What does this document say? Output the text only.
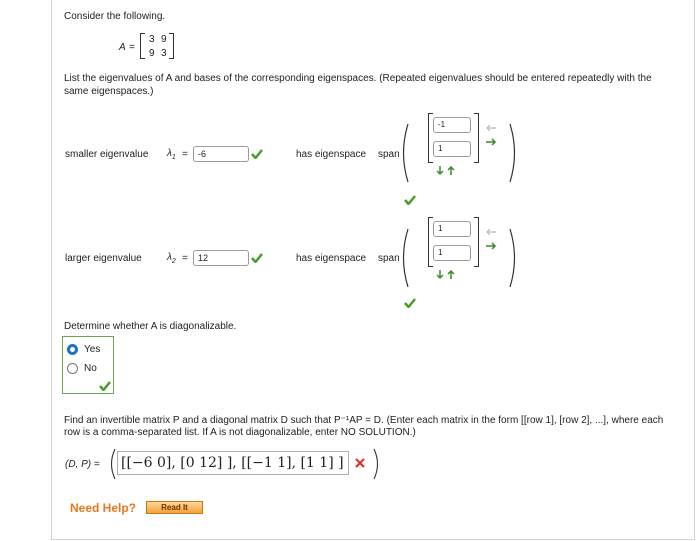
Consider the following.
A =
3 9
9 3
List the eigenvalues of A and bases of the corresponding eigenspaces. (Repeated eigenvalues should be entered repeatedly with the same eigenspaces.)
smaller eigenvalue $\lambda_1$ =	-6	has eigenspace span
-1
1
larger eigenvalue	$\lambda_2$ =	12	has eigenspace span
1
1
Determine whether A is diagonalizable.
Yes
No
Find an invertible matrix P and a diagonal matrix D such that P⁻¹AP = D. (Enter each matrix in the form [[row 1], [row 2], ...], where each row is a comma-separated list. If A is not diagonalizable, enter NO SOLUTION.)
(D, P) = [[−6 0], [0 12] ], [[−1 1], [1 1] ]
Need Help?	Read It
